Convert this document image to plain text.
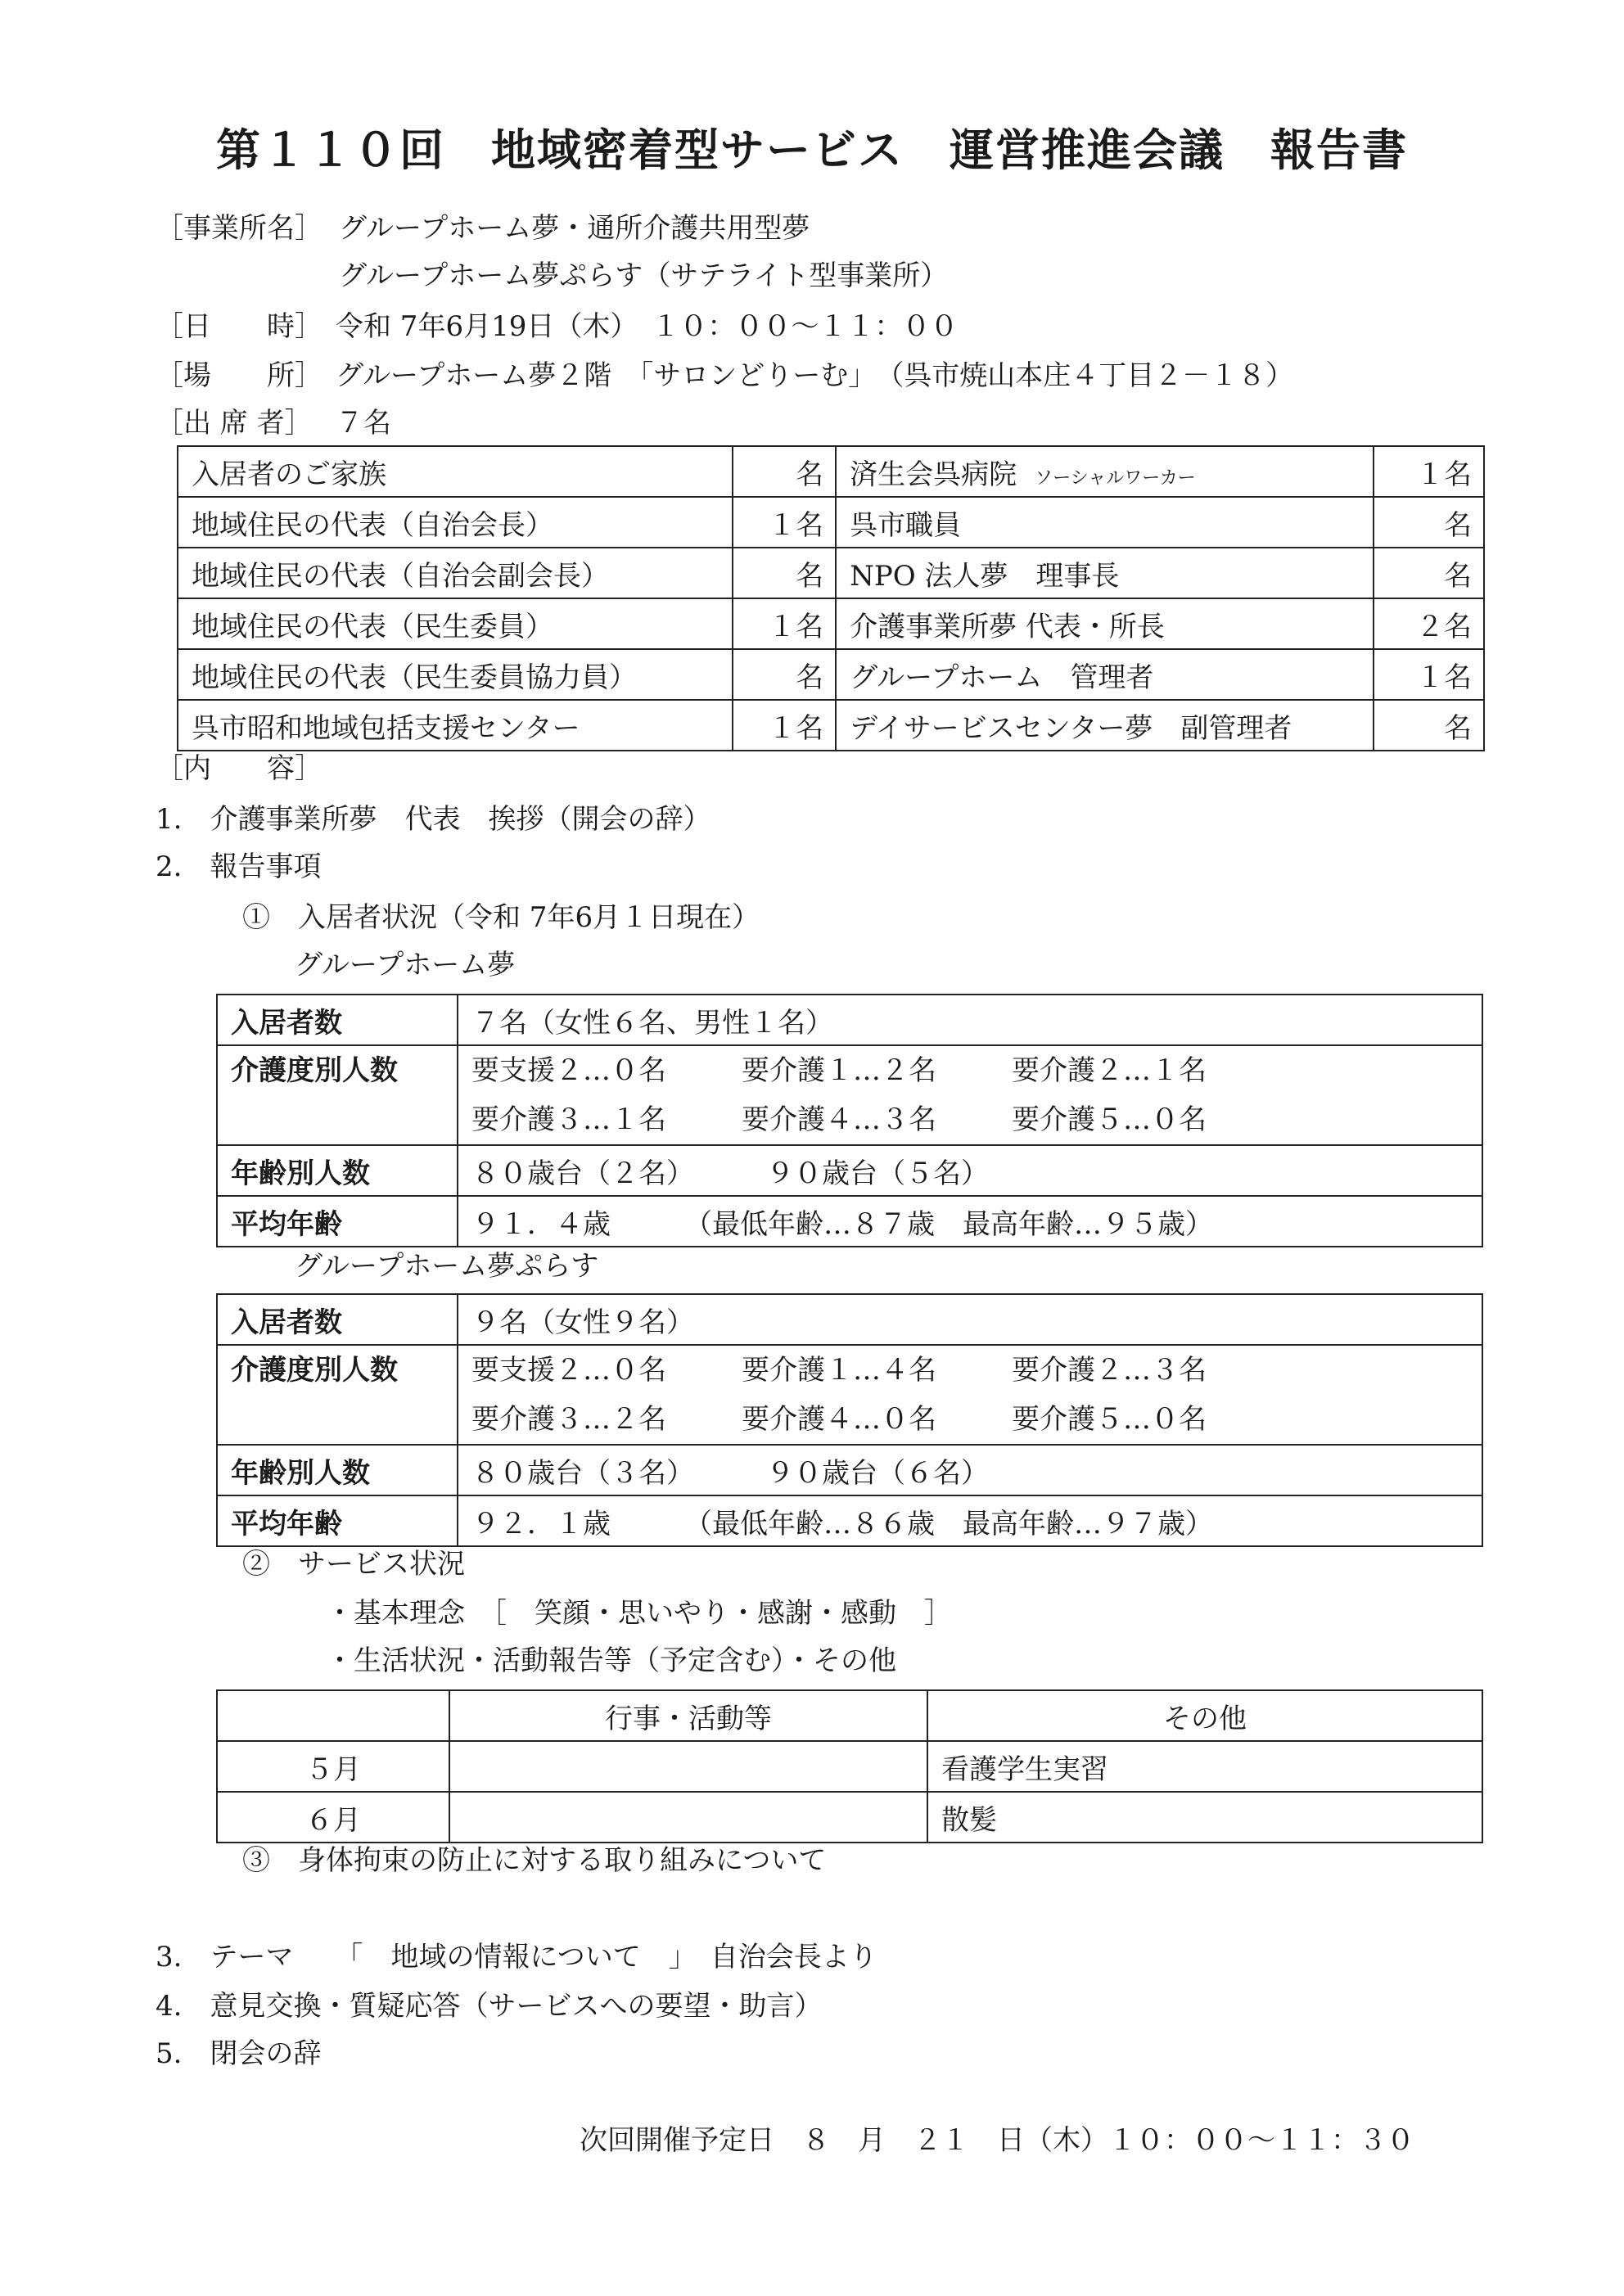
第１１０回　地域密着型サービス　運営推進会議　報告書
［事業所名］ グループホーム夢・通所介護共用型夢
グループホーム夢ぷらす（サテライト型事業所）
［日　　時］ 令和 7年6月19日（木）　１０：００～１１：００
［場　　所］ グループホーム夢２階　「サロンどりーむ」　（呉市焼山本庄４丁目２－１８）
［出 席 者］ ７名
入居者のご家族	名	済生会呉病院 ソーシャルワーカー	１名
地域住民の代表（自治会長）	１名	呉市職員	名
地域住民の代表（自治会副会長）	名	NPO 法人夢　理事長	名
地域住民の代表（民生委員）	１名	介護事業所夢 代表・所長	２名
地域住民の代表（民生委員協力員）	名	グループホーム　管理者	１名
呉市昭和地域包括支援センター	１名	デイサービスセンター夢　副管理者	名
［内　　容］
1.　介護事業所夢　代表　挨拶（開会の辞）
2.　報告事項
①　入居者状況（令和 7年6月１日現在）
グループホーム夢
入居者数	７名（女性６名、男性１名）
介護度別人数	要支援２…０名 要介護１…２名 要介護２…１名
要介護３…１名 要介護４…３名 要介護５…０名

年齢別人数	８０歳台（２名） ９０歳台（５名）
平均年齢	９１．４歳 （最低年齢…８７歳　最高年齢…９５歳）
グループホーム夢ぷらす
入居者数	９名（女性９名）
介護度別人数	要支援２…０名 要介護１…４名 要介護２…３名
要介護３…２名 要介護４…０名 要介護５…０名

年齢別人数	８０歳台（３名） ９０歳台（６名）
平均年齢	９２．１歳 （最低年齢…８６歳　最高年齢…９７歳）
②　サービス状況
・基本理念　［　笑顔・思いやり・感謝・感動　］
・生活状況・活動報告等（予定含む）・その他
	行事・活動等	その他
５月		看護学生実習
６月		散髪
③　身体拘束の防止に対する取り組みについて
3.　テーマ　　「　地域の情報について　」　自治会長より
4.　意見交換・質疑応答（サービスへの要望・助言）
5.　閉会の辞
次回開催予定日　８　月　２１　日（木）１０：００～１１：３０
